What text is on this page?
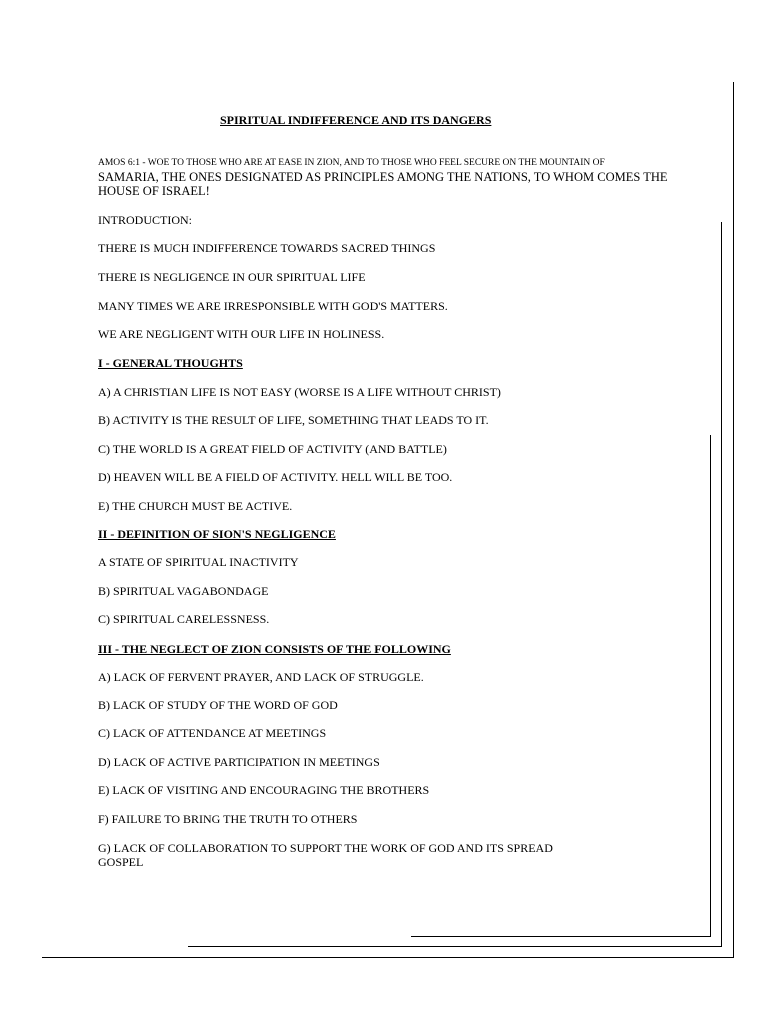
SPIRITUAL INDIFFERENCE AND ITS DANGERS
AMOS 6:1 - WOE TO THOSE WHO ARE AT EASE IN ZION, AND TO THOSE WHO FEEL SECURE ON THE MOUNTAIN OF
SAMARIA, THE ONES DESIGNATED AS PRINCIPLES AMONG THE NATIONS, TO WHOM COMES THE
HOUSE OF ISRAEL!
INTRODUCTION:
THERE IS MUCH INDIFFERENCE TOWARDS SACRED THINGS
THERE IS NEGLIGENCE IN OUR SPIRITUAL LIFE
MANY TIMES WE ARE IRRESPONSIBLE WITH GOD'S MATTERS.
WE ARE NEGLIGENT WITH OUR LIFE IN HOLINESS.
I - GENERAL THOUGHTS
A) A CHRISTIAN LIFE IS NOT EASY (WORSE IS A LIFE WITHOUT CHRIST)
B) ACTIVITY IS THE RESULT OF LIFE, SOMETHING THAT LEADS TO IT.
C) THE WORLD IS A GREAT FIELD OF ACTIVITY (AND BATTLE)
D) HEAVEN WILL BE A FIELD OF ACTIVITY. HELL WILL BE TOO.
E) THE CHURCH MUST BE ACTIVE.
II - DEFINITION OF SION'S NEGLIGENCE
A STATE OF SPIRITUAL INACTIVITY
B) SPIRITUAL VAGABONDAGE
C) SPIRITUAL CARELESSNESS.
III - THE NEGLECT OF ZION CONSISTS OF THE FOLLOWING
A) LACK OF FERVENT PRAYER, AND LACK OF STRUGGLE.
B) LACK OF STUDY OF THE WORD OF GOD
C) LACK OF ATTENDANCE AT MEETINGS
D) LACK OF ACTIVE PARTICIPATION IN MEETINGS
E) LACK OF VISITING AND ENCOURAGING THE BROTHERS
F) FAILURE TO BRING THE TRUTH TO OTHERS
G) LACK OF COLLABORATION TO SUPPORT THE WORK OF GOD AND ITS SPREAD
GOSPEL
